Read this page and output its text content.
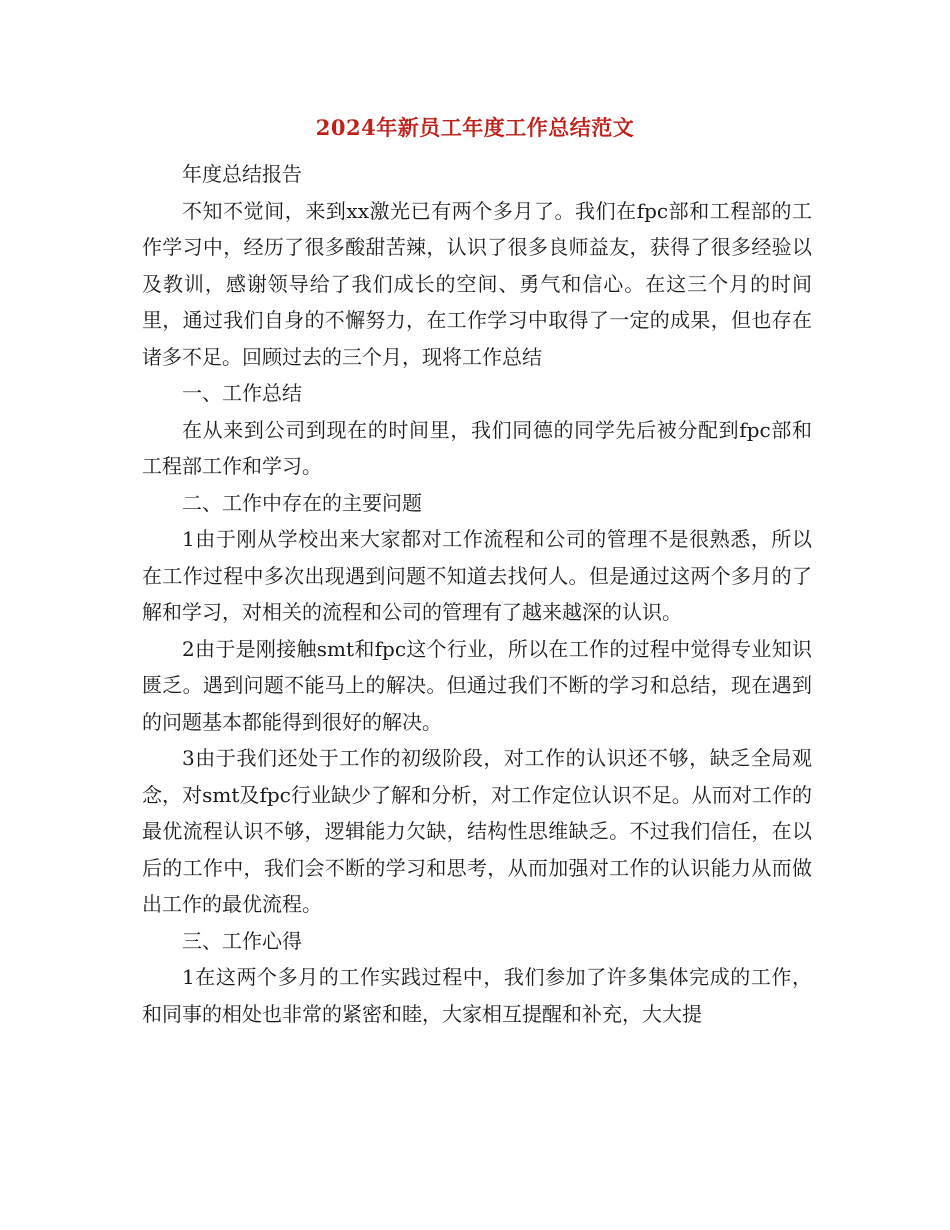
2024年新员工年度工作总结范文

年度总结报告

不知不觉间，来到xx激光已有两个多月了。我们在fpc部和工程部的工作学习中，经历了很多酸甜苦辣，认识了很多良师益友，获得了很多经验以及教训，感谢领导给了我们成长的空间、勇气和信心。在这三个月的时间里，通过我们自身的不懈努力，在工作学习中取得了一定的成果，但也存在诸多不足。回顾过去的三个月，现将工作总结

一、工作总结

在从来到公司到现在的时间里，我们同德的同学先后被分配到fpc部和工程部工作和学习。

二、工作中存在的主要问题

1由于刚从学校出来大家都对工作流程和公司的管理不是很熟悉，所以在工作过程中多次出现遇到问题不知道去找何人。但是通过这两个多月的了解和学习，对相关的流程和公司的管理有了越来越深的认识。

2由于是刚接触smt和fpc这个行业，所以在工作的过程中觉得专业知识匮乏。遇到问题不能马上的解决。但通过我们不断的学习和总结，现在遇到的问题基本都能得到很好的解决。

3由于我们还处于工作的初级阶段，对工作的认识还不够，缺乏全局观念，对smt及fpc行业缺少了解和分析，对工作定位认识不足。从而对工作的最优流程认识不够，逻辑能力欠缺，结构性思维缺乏。不过我们信任，在以后的工作中，我们会不断的学习和思考，从而加强对工作的认识能力从而做出工作的最优流程。

三、工作心得

1在这两个多月的工作实践过程中，我们参加了许多集体完成的工作，和同事的相处也非常的紧密和睦，大家相互提醒和补充，大大提
